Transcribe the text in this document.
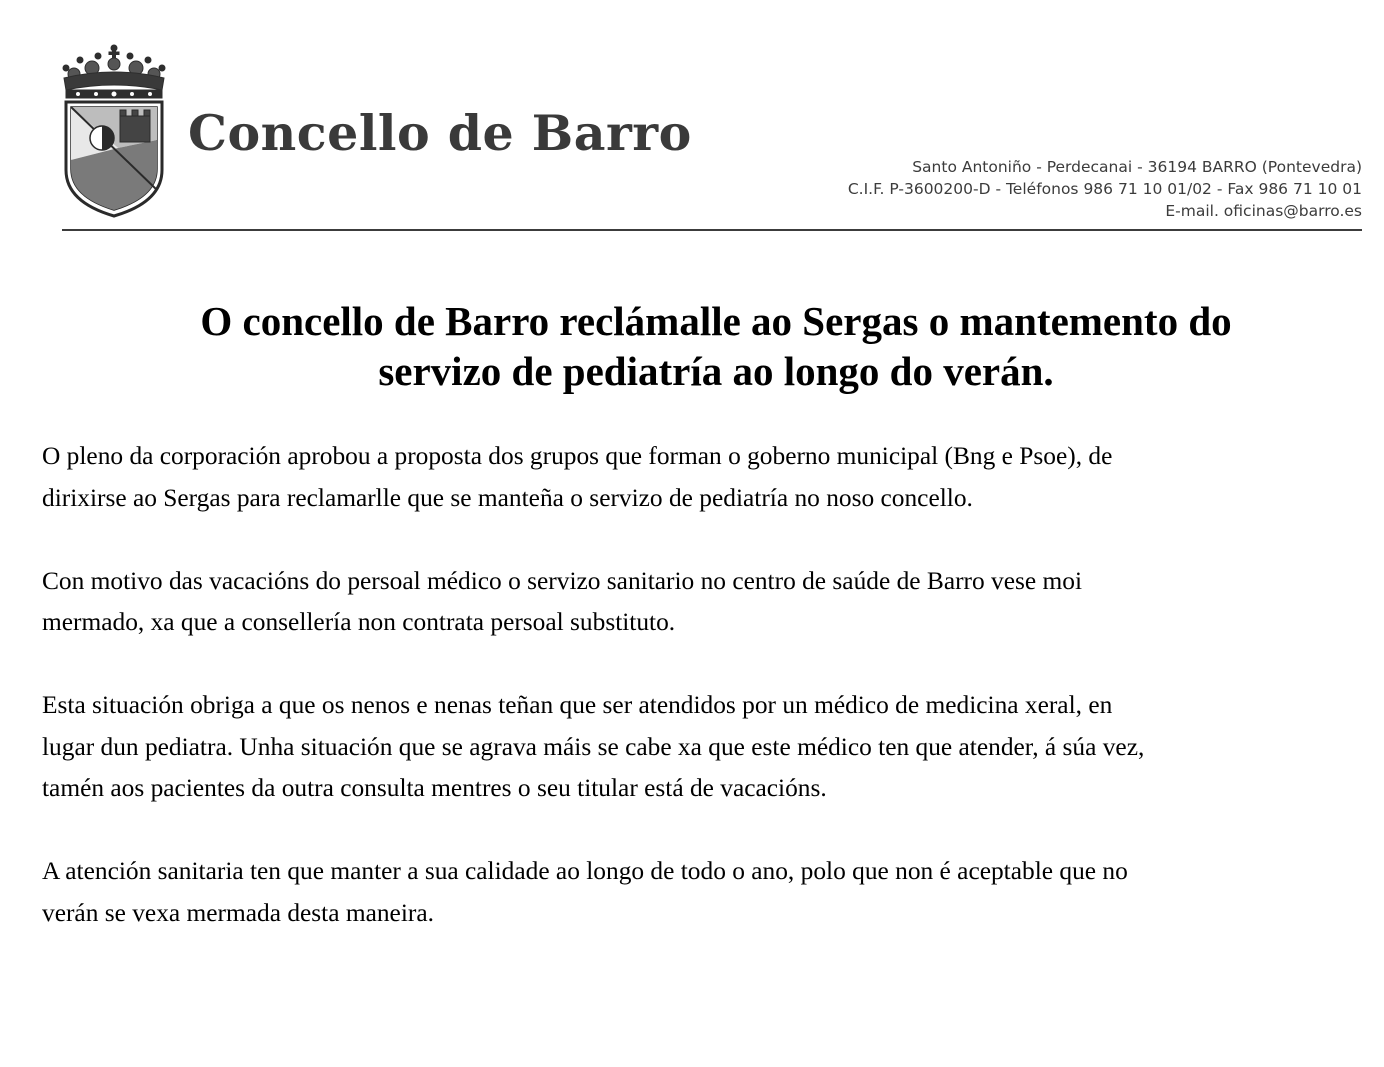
Concello de Barro
Santo Antoniño - Perdecanai - 36194 BARRO (Pontevedra)
C.I.F. P-3600200-D - Teléfonos 986 71 10 01/02 - Fax 986 71 10 01
E-mail. oficinas@barro.es
O concello de Barro reclámalle ao Sergas o mantemento do
servizo de pediatría ao longo do verán.

O pleno da corporación aprobou a proposta dos grupos que forman o goberno municipal (Bng e Psoe), de
dirixirse ao Sergas para reclamarlle que se manteña o servizo de pediatría no noso concello.

Con motivo das vacacións do persoal médico o servizo sanitario no centro de saúde de Barro vese moi
mermado, xa que a consellería non contrata persoal substituto.

Esta situación obriga a que os nenos e nenas teñan que ser atendidos por un médico de medicina xeral, en
lugar dun pediatra. Unha situación que se agrava máis se cabe xa que este médico ten que atender, á súa vez,
tamén aos pacientes da outra consulta mentres o seu titular está de vacacións.

A atención sanitaria ten que manter a sua calidade ao longo de todo o ano, polo que non é aceptable que no
verán se vexa mermada desta maneira.
